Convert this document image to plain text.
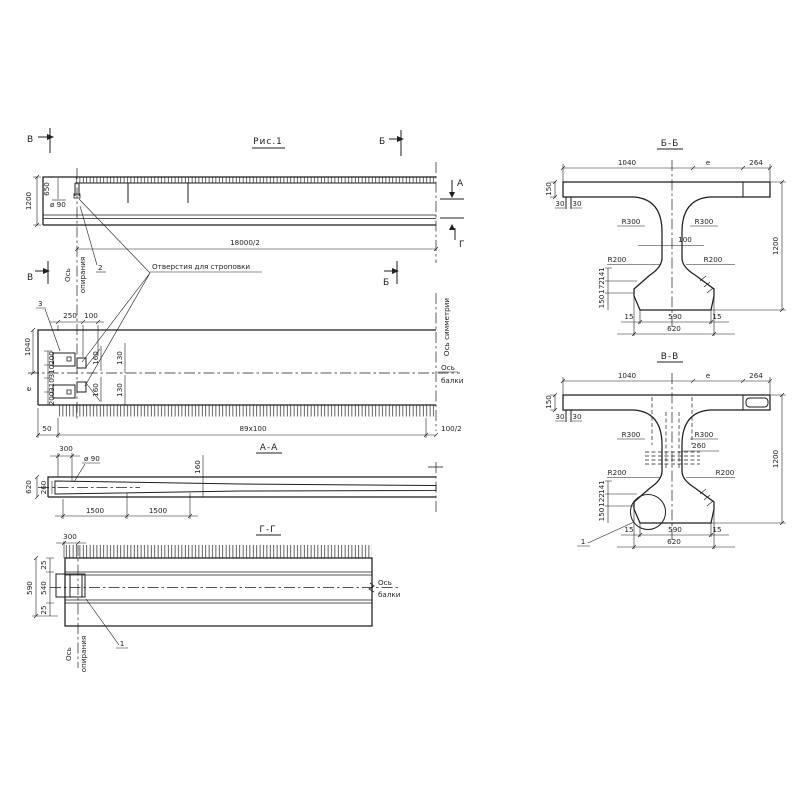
Рис.1
В	Б
1200
650
ø 90
18000/2
2	Отверстия для строповки
Ось опирания
А
Г
В	Б
160 130
160 130
3
250 100
1040
е
200
310
310
200
Ось симметрии
Ось
балки
50	89х100	100/2
А-А
620 260
300
ø 90
160
1500	1500
Г-Г
300
590
25
540
25
Ось
балки
Ось опирания	1
Б-Б
1040	е	264
150
30 30
R300	R300
100
R200	R200
141
172
150
15	590	15
620
1200
В-В
1
1040	е	264
150
30 30
R300	R300
260
R200	R200
141
122
150
15	590	15
620
1200
